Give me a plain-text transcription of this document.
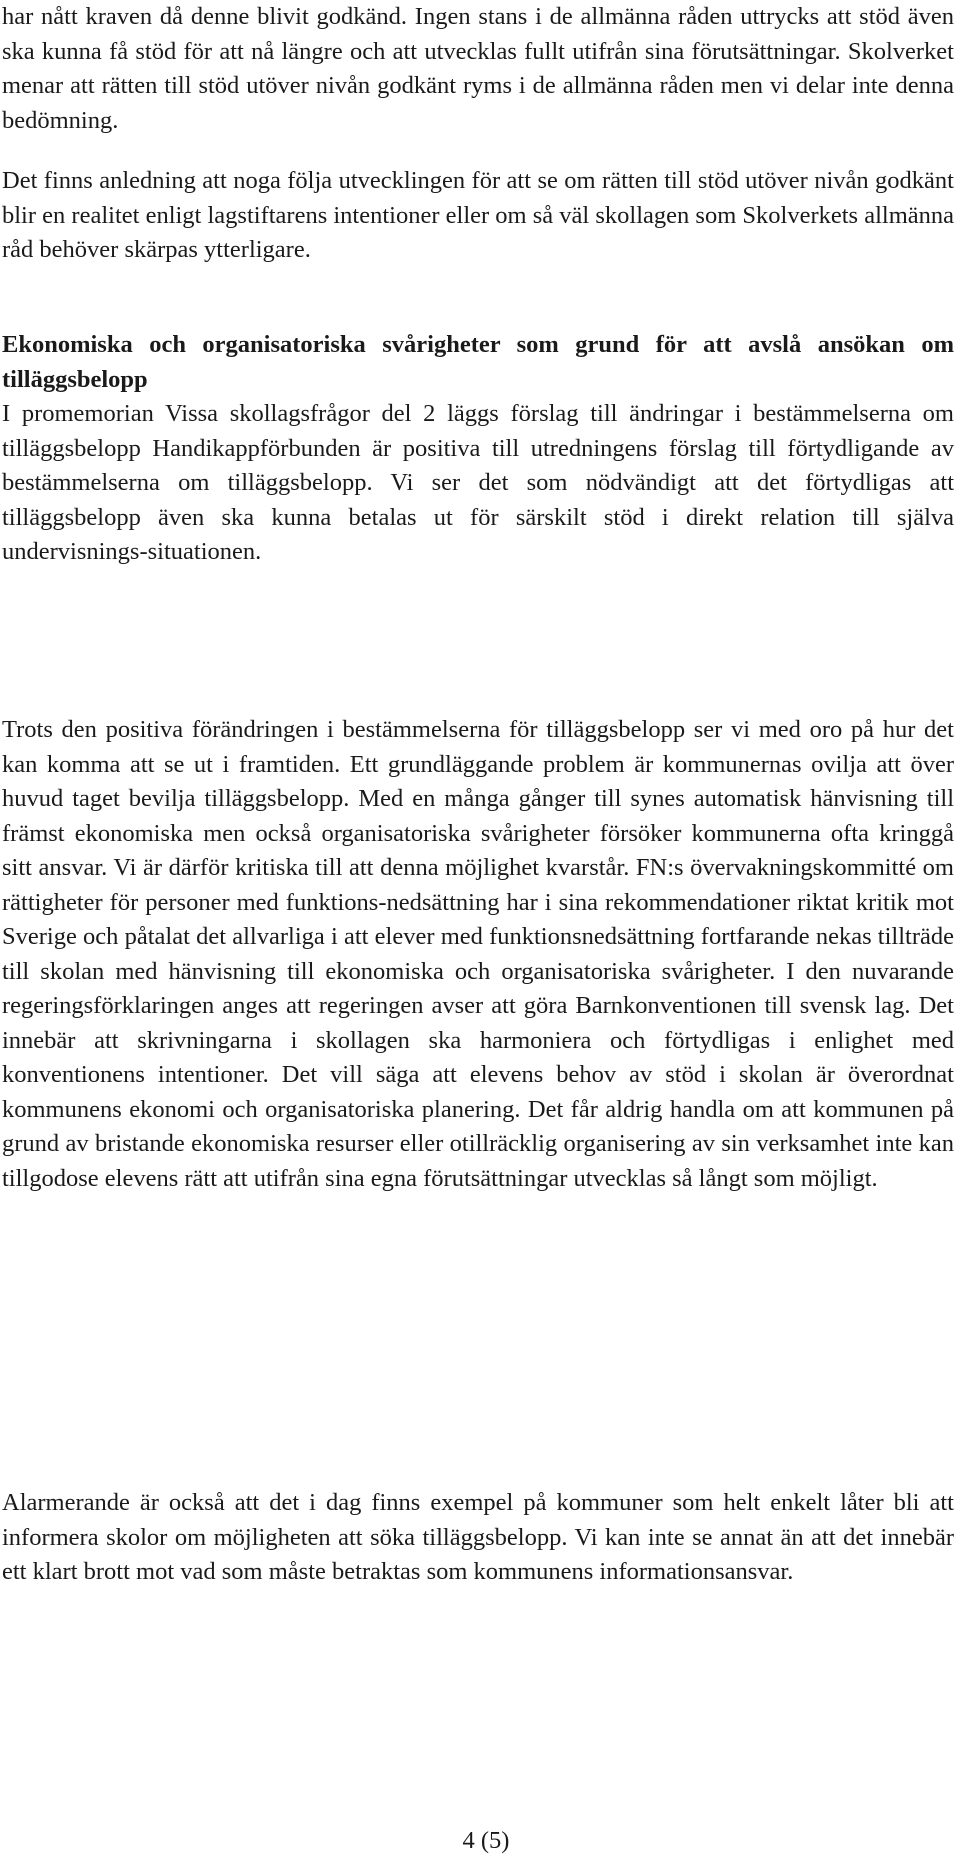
har nått kraven då denne blivit godkänd. Ingen stans i de allmänna råden uttrycks att stöd även ska kunna få stöd för att nå längre och att utvecklas fullt utifrån sina förutsättningar. Skolverket menar att rätten till stöd utöver nivån godkänt ryms i de allmänna råden men vi delar inte denna bedömning.

Det finns anledning att noga följa utvecklingen för att se om rätten till stöd utöver nivån godkänt blir en realitet enligt lagstiftarens intentioner eller om så väl skollagen som Skolverkets allmänna råd behöver skärpas ytterligare.

Ekonomiska och organisatoriska svårigheter som grund för att avslå ansökan om tilläggsbelopp

I promemorian Vissa skollagsfrågor del 2 läggs förslag till ändringar i bestämmelserna om tilläggsbelopp Handikappförbunden är positiva till utredningens förslag till förtydligande av bestämmelserna om tilläggsbelopp. Vi ser det som nödvändigt att det förtydligas att tilläggsbelopp även ska kunna betalas ut för särskilt stöd i direkt relation till själva undervisnings-situationen.

Trots den positiva förändringen i bestämmelserna för tilläggsbelopp ser vi med oro på hur det kan komma att se ut i framtiden. Ett grundläggande problem är kommunernas ovilja att över huvud taget bevilja tilläggsbelopp. Med en många gånger till synes automatisk hänvisning till främst ekonomiska men också organisatoriska svårigheter försöker kommunerna ofta kringgå sitt ansvar. Vi är därför kritiska till att denna möjlighet kvarstår. FN:s övervakningskommitté om rättigheter för personer med funktions-nedsättning har i sina rekommendationer riktat kritik mot Sverige och påtalat det allvarliga i att elever med funktionsnedsättning fortfarande nekas tillträde till skolan med hänvisning till ekonomiska och organisatoriska svårigheter. I den nuvarande regeringsförklaringen anges att regeringen avser att göra Barnkonventionen till svensk lag. Det innebär att skrivningarna i skollagen ska harmoniera och förtydligas i enlighet med konventionens intentioner. Det vill säga att elevens behov av stöd i skolan är överordnat kommunens ekonomi och organisatoriska planering. Det får aldrig handla om att kommunen på grund av bristande ekonomiska resurser eller otillräcklig organisering av sin verksamhet inte kan tillgodose elevens rätt att utifrån sina egna förutsättningar utvecklas så långt som möjligt.

Alarmerande är också att det i dag finns exempel på kommuner som helt enkelt låter bli att informera skolor om möjligheten att söka tilläggsbelopp. Vi kan inte se annat än att det innebär ett klart brott mot vad som måste betraktas som kommunens informationsansvar.

4 (5)
